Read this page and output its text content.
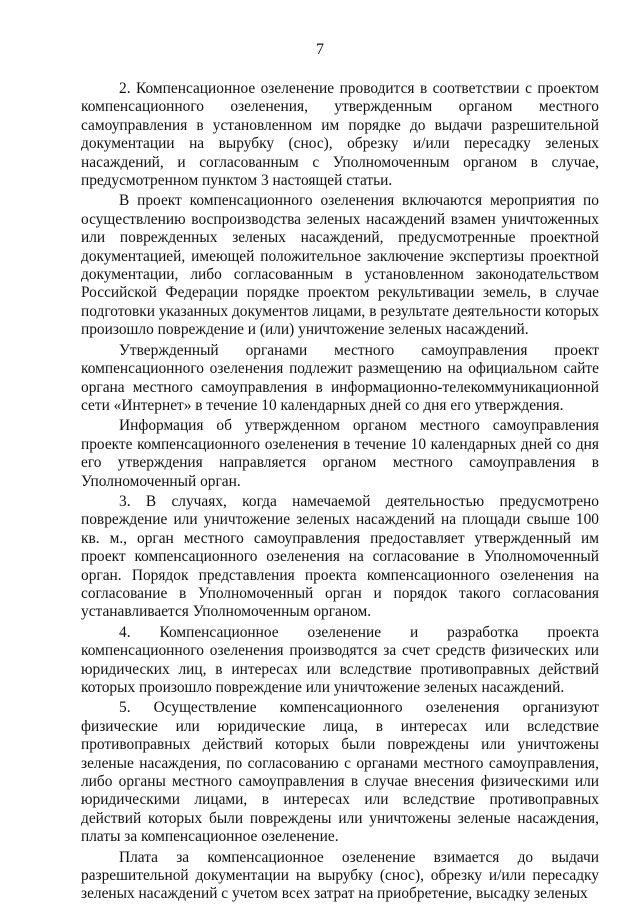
7

2. Компенсационное озеленение проводится в соответствии с проектом компенсационного озеленения, утвержденным органом местного самоуправления в установленном им порядке до выдачи разрешительной документации на вырубку (снос), обрезку и/или пересадку зеленых насаждений, и согласованным с Уполномоченным органом в случае, предусмотренном пунктом 3 настоящей статьи.

В проект компенсационного озеленения включаются мероприятия по осуществлению воспроизводства зеленых насаждений взамен уничтоженных или поврежденных зеленых насаждений, предусмотренные проектной документацией, имеющей положительное заключение экспертизы проектной документации, либо согласованным в установленном законодательством Российской Федерации порядке проектом рекультивации земель, в случае подготовки указанных документов лицами, в результате деятельности которых произошло повреждение и (или) уничтожение зеленых насаждений.

Утвержденный органами местного самоуправления проект компенсационного озеленения подлежит размещению на официальном сайте органа местного самоуправления в информационно-телекоммуникационной сети «Интернет» в течение 10 календарных дней со дня его утверждения.

Информация об утвержденном органом местного самоуправления проекте компенсационного озеленения в течение 10 календарных дней со дня его утверждения направляется органом местного самоуправления в Уполномоченный орган.

3. В случаях, когда намечаемой деятельностью предусмотрено повреждение или уничтожение зеленых насаждений на площади свыше 100 кв. м., орган местного самоуправления предоставляет утвержденный им проект компенсационного озеленения на согласование в Уполномоченный орган. Порядок представления проекта компенсационного озеленения на согласование в Уполномоченный орган и порядок такого согласования устанавливается Уполномоченным органом.

4. Компенсационное озеленение и разработка проекта компенсационного озеленения производятся за счет средств физических или юридических лиц, в интересах или вследствие противоправных действий которых произошло повреждение или уничтожение зеленых насаждений.

5. Осуществление компенсационного озеленения организуют физические или юридические лица, в интересах или вследствие противоправных действий которых были повреждены или уничтожены зеленые насаждения, по согласованию с органами местного самоуправления, либо органы местного самоуправления в случае внесения физическими или юридическими лицами, в интересах или вследствие противоправных действий которых были повреждены или уничтожены зеленые насаждения, платы за компенсационное озеленение.

Плата за компенсационное озеленение взимается до выдачи разрешительной документации на вырубку (снос), обрезку и/или пересадку зеленых насаждений с учетом всех затрат на приобретение, высадку зеленых
